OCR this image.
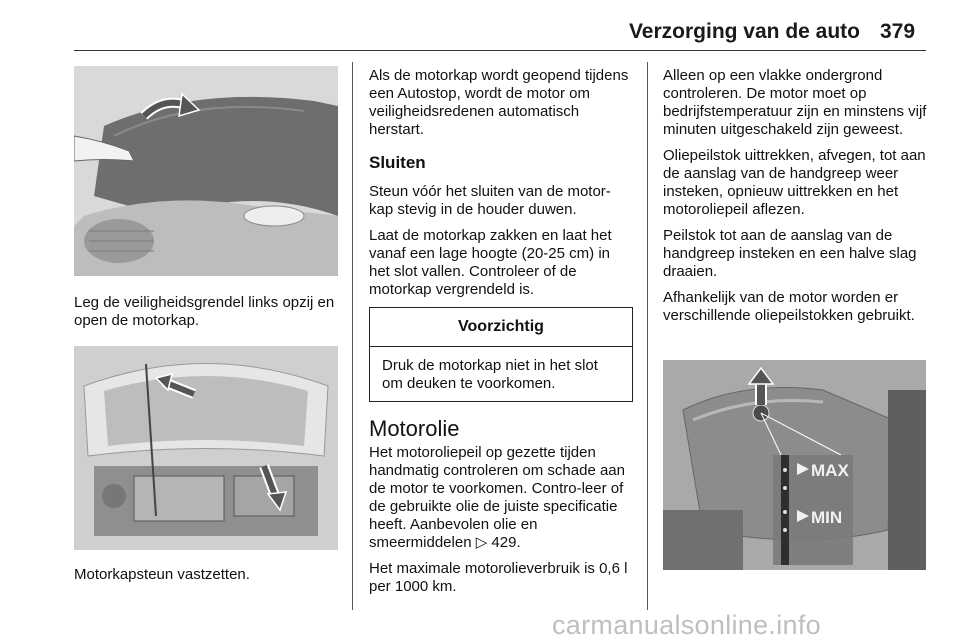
Verzorging van de auto 379

Leg de veiligheidsgrendel links opzij en open de motorkap.

Motorkapsteun vastzetten.

Als de motorkap wordt geopend tijdens een Autostop, wordt de motor om veiligheidsredenen automatisch herstart.

Sluiten

Steun vóór het sluiten van de motor-kap stevig in de houder duwen.

Laat de motorkap zakken en laat het vanaf een lage hoogte (20-25 cm) in het slot vallen. Controleer of de motorkap vergrendeld is.

Voorzichtig
Druk de motorkap niet in het slot om deuken te voorkomen.
Motorolie

Het motoroliepeil op gezette tijden handmatig controleren om schade aan de motor te voorkomen. Contro-leer of de gebruikte olie de juiste specificatie heeft. Aanbevolen olie en smeermiddelen ▷ 429.

Het maximale motorolieverbruik is 0,6 l per 1000 km.

Alleen op een vlakke ondergrond controleren. De motor moet op bedrijfstemperatuur zijn en minstens vijf minuten uitgeschakeld zijn geweest.

Oliepeilstok uittrekken, afvegen, tot aan de aanslag van de handgreep weer insteken, opnieuw uittrekken en het motoroliepeil aflezen.

Peilstok tot aan de aanslag van de handgreep insteken en een halve slag draaien.

Afhankelijk van de motor worden er verschillende oliepeilstokken gebruikt.

MAX
MIN
carmanualsonline.info
